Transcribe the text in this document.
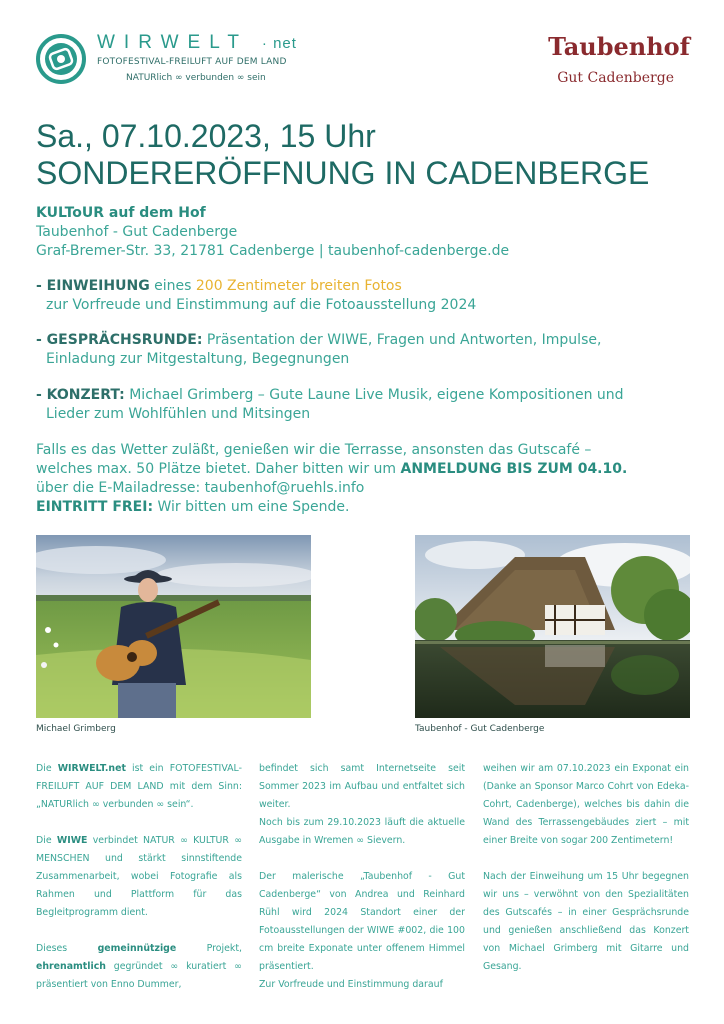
WIRWELT · net
FOTOFESTIVAL-FREILUFT AUF DEM LAND
NATURlich ∞ verbunden ∞ sein
Taubenhof
Gut Cadenberge
Sa., 07.10.2023, 15 Uhr
SONDERERÖFFNUNG IN CADENBERGE
KULToUR auf dem Hof
Taubenhof - Gut Cadenberge
Graf-Bremer-Str. 33, 21781 Cadenberge | taubenhof-cadenberge.de
- EINWEIHUNG eines 200 Zentimeter breiten Fotos
zur Vorfreude und Einstimmung auf die Fotoausstellung 2024
- GESPRÄCHSRUNDE: Präsentation der WIWE, Fragen und Antworten, Impulse,
Einladung zur Mitgestaltung, Begegnungen
- KONZERT: Michael Grimberg – Gute Laune Live Musik, eigene Kompositionen und
Lieder zum Wohlfühlen und Mitsingen
Falls es das Wetter zuläßt, genießen wir die Terrasse, ansonsten das Gutscafé –
welches max. 50 Plätze bietet. Daher bitten wir um ANMELDUNG BIS ZUM 04.10.
über die E-Mailadresse: taubenhof@ruehls.info
EINTRITT FREI: Wir bitten um eine Spende.
Michael Grimberg	Taubenhof - Gut Cadenberge

Die WIRWELT.net ist ein FOTOFESTIVAL-FREILUFT AUF DEM LAND mit dem Sinn: „NATURlich ∞ verbunden ∞ sein“.

Die WIWE verbindet NATUR ∞ KULTUR ∞ MENSCHEN und stärkt sinnstiftende Zusammenarbeit, wobei Fotografie als Rahmen und Plattform für das Begleitprogramm dient.

Dieses gemeinnützige Projekt, ehrenamtlich gegründet ∞ kuratiert ∞ präsentiert von Enno Dummer,

befindet sich samt Internetseite seit Sommer 2023 im Aufbau und entfaltet sich weiter.
Noch bis zum 29.10.2023 läuft die aktuelle Ausgabe in Wremen ∞ Sievern.

Der malerische „Taubenhof - Gut Cadenberge“ von Andrea und Reinhard Rühl wird 2024 Standort einer der Fotoausstellungen der WIWE #002, die 100 cm breite Exponate unter offenem Himmel präsentiert.
Zur Vorfreude und Einstimmung darauf

weihen wir am 07.10.2023 ein Exponat ein (Danke an Sponsor Marco Cohrt von Edeka-Cohrt, Cadenberge), welches bis dahin die Wand des Terrassengebäudes ziert – mit einer Breite von sogar 200 Zentimetern!

Nach der Einweihung um 15 Uhr begegnen wir uns – verwöhnt von den Spezialitäten des Gutscafés – in einer Gesprächsrunde und genießen anschließend das Konzert von Michael Grimberg mit Gitarre und Gesang.
